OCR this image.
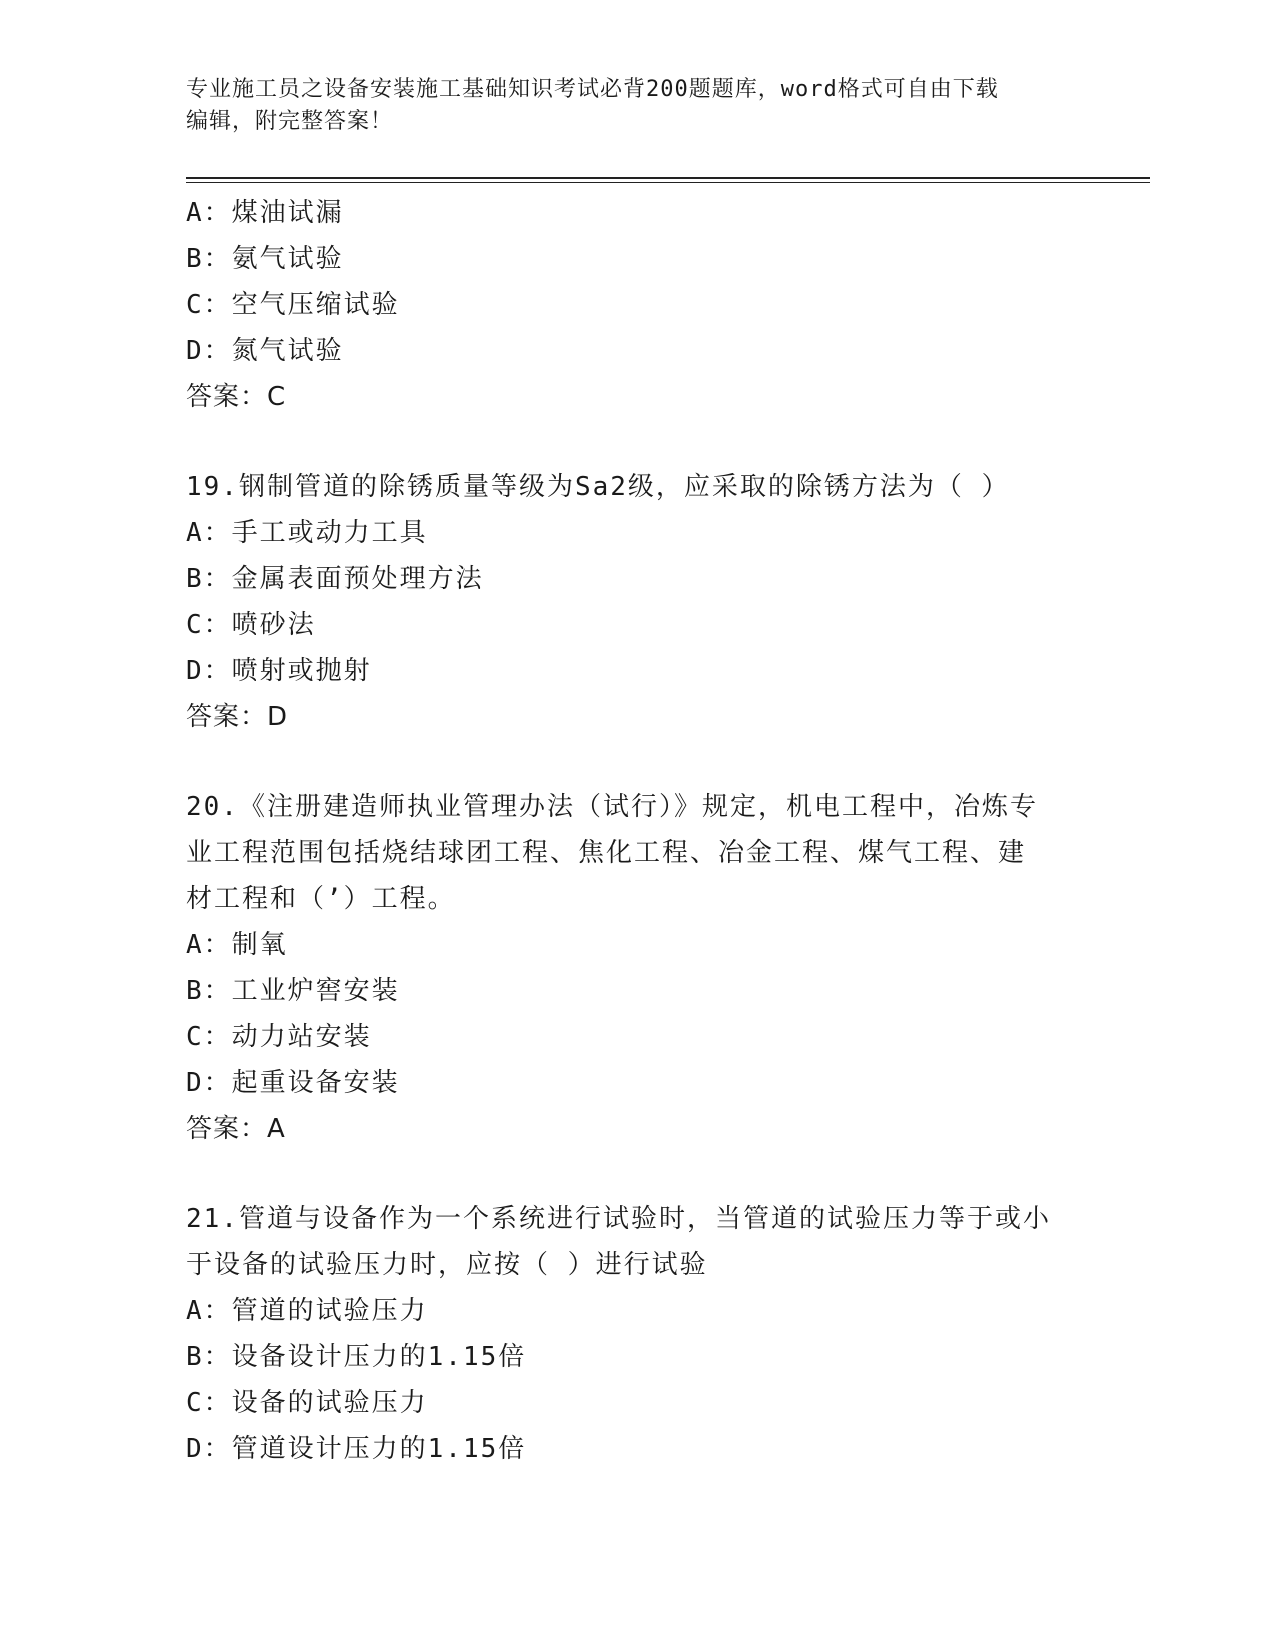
专业施工员之设备安装施工基础知识考试必背200题题库，word格式可自由下载
编辑，附完整答案！
A：煤油试漏
B：氨气试验
C：空气压缩试验
D：氮气试验
答案：C
19.钢制管道的除锈质量等级为Sa2级，应采取的除锈方法为（ ）
A：手工或动力工具
B：金属表面预处理方法
C：喷砂法
D：喷射或抛射
答案：D
20.《注册建造师执业管理办法（试行）》规定，机电工程中，冶炼专
业工程范围包括烧结球团工程、焦化工程、冶金工程、煤气工程、建
材工程和（’）工程。
A：制氧
B：工业炉窖安装
C：动力站安装
D：起重设备安装
答案：A
21.管道与设备作为一个系统进行试验时，当管道的试验压力等于或小
于设备的试验压力时，应按（ ）进行试验
A：管道的试验压力
B：设备设计压力的1.15倍
C：设备的试验压力
D：管道设计压力的1.15倍
